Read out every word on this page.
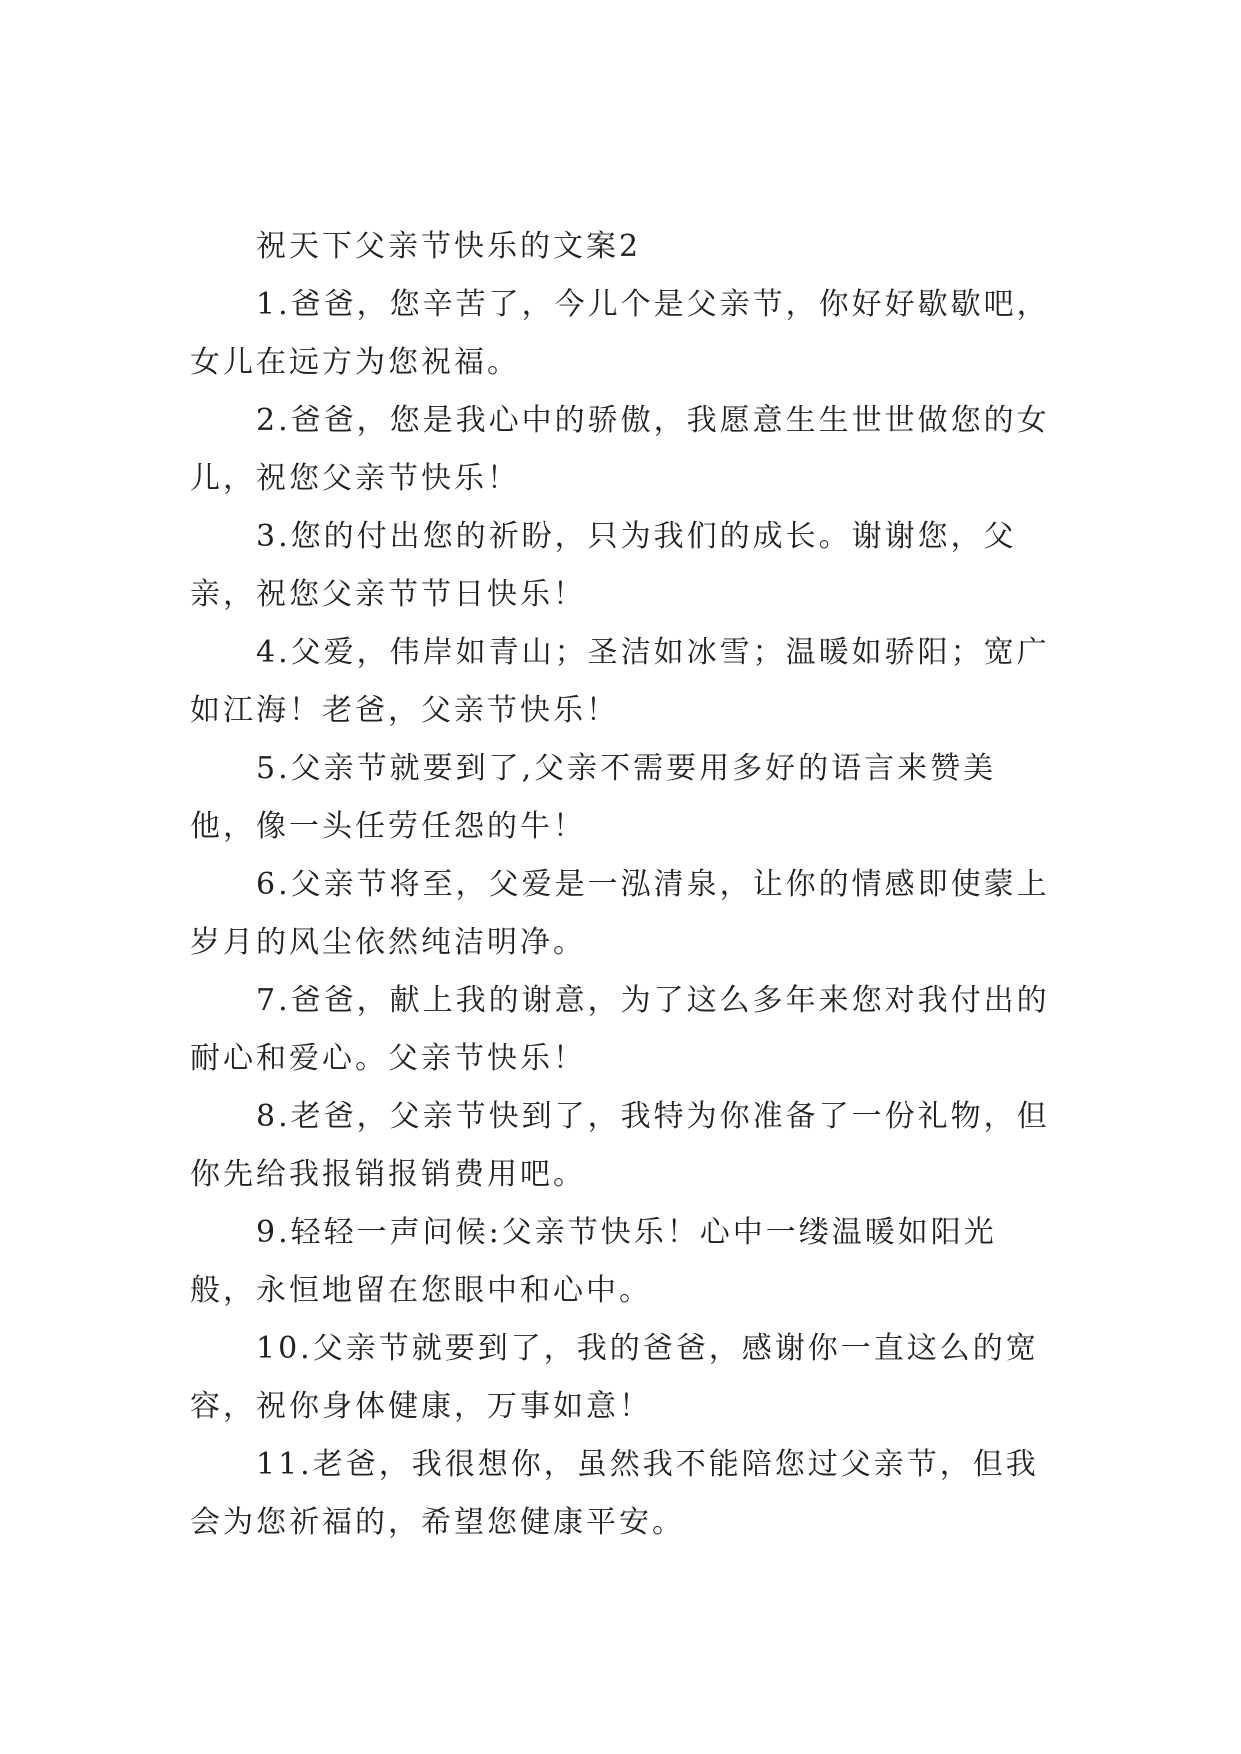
祝天下父亲节快乐的文案2

1.爸爸，您辛苦了，今儿个是父亲节，你好好歇歇吧，女儿在远方为您祝福。

2.爸爸，您是我心中的骄傲，我愿意生生世世做您的女儿，祝您父亲节快乐！

3.您的付出您的祈盼，只为我们的成长。谢谢您，父亲，祝您父亲节节日快乐！

4.父爱，伟岸如青山；圣洁如冰雪；温暖如骄阳；宽广如江海！老爸，父亲节快乐！

5.父亲节就要到了,父亲不需要用多好的语言来赞美他，像一头任劳任怨的牛！

6.父亲节将至，父爱是一泓清泉，让你的情感即使蒙上岁月的风尘依然纯洁明净。

7.爸爸，献上我的谢意，为了这么多年来您对我付出的耐心和爱心。父亲节快乐！

8.老爸，父亲节快到了，我特为你准备了一份礼物，但你先给我报销报销费用吧。

9.轻轻一声问候:父亲节快乐！心中一缕温暖如阳光般，永恒地留在您眼中和心中。

10.父亲节就要到了，我的爸爸，感谢你一直这么的宽容，祝你身体健康，万事如意！

11.老爸，我很想你，虽然我不能陪您过父亲节，但我会为您祈福的，希望您健康平安。
